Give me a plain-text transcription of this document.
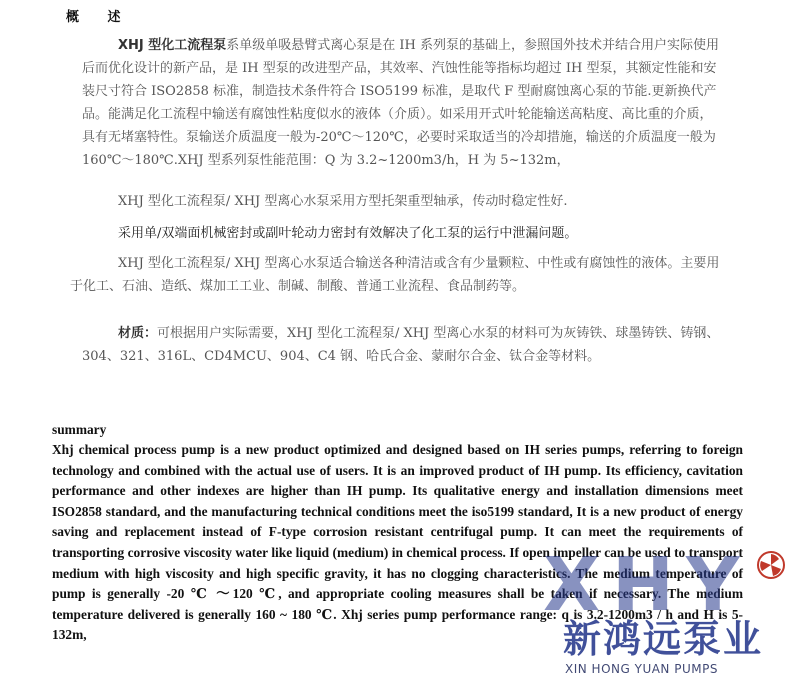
概 述

XHJ 型化工流程泵系单级单吸悬臂式离心泵是在 IH 系列泵的基础上，参照国外技术并结合用户实际使用后而优化设计的新产品，是 IH 型泵的改进型产品，其效率、汽蚀性能等指标均超过 IH 型泵，其额定性能和安装尺寸符合 ISO2858 标准，制造技术条件符合 ISO5199 标准，是取代 F 型耐腐蚀离心泵的节能.更新换代产品。能满足化工流程中输送有腐蚀性粘度似水的液体（介质）。如采用开式叶轮能输送高粘度、高比重的介质，具有无堵塞特性。泵输送介质温度一般为-20℃～120℃，必要时采取适当的冷却措施，输送的介质温度一般为 160℃～180℃.XHJ 型系列泵性能范围：Q 为 3.2~1200m3/h，H 为 5~132m，

XHJ 型化工流程泵/ XHJ 型离心水泵采用方型托架重型轴承，传动时稳定性好.

采用单/双端面机械密封或副叶轮动力密封有效解决了化工泵的运行中泄漏问题。

XHJ 型化工流程泵/ XHJ 型离心水泵适合输送各种清洁或含有少量颗粒、中性或有腐蚀性的液体。主要用于化工、石油、造纸、煤加工工业、制碱、制酸、普通工业流程、食品制药等。

材质：可根据用户实际需要，XHJ 型化工流程泵/ XHJ 型离心水泵的材料可为灰铸铁、球墨铸铁、铸钢、304、321、316L、CD4MCU、904、C4 钢、哈氏合金、蒙耐尔合金、钛合金等材料。

summary

Xhj chemical process pump is a new product optimized and designed based on IH series pumps, referring to foreign technology and combined with the actual use of users. It is an improved product of IH pump. Its efficiency, cavitation performance and other indexes are higher than IH pump. Its qualitative energy and installation dimensions meet ISO2858 standard, and the manufacturing technical conditions meet the iso5199 standard, It is a new product of energy saving and replacement instead of F-type corrosion resistant centrifugal pump. It can meet the requirements of transporting corrosive viscosity water like liquid (medium) in chemical process. If open impeller can be used to transport medium with high viscosity and high specific gravity, it has no clogging characteristics. The medium temperature of pump is generally -20 ℃ ～120 ℃, and appropriate cooling measures shall be taken if necessary. The medium temperature delivered is generally 160 ~ 180 ℃. Xhj series pump performance range: q is 3.2-1200m3 / h and H is 5-132m,

XHY
新鸿远泵业
XIN HONG YUAN PUMPS
